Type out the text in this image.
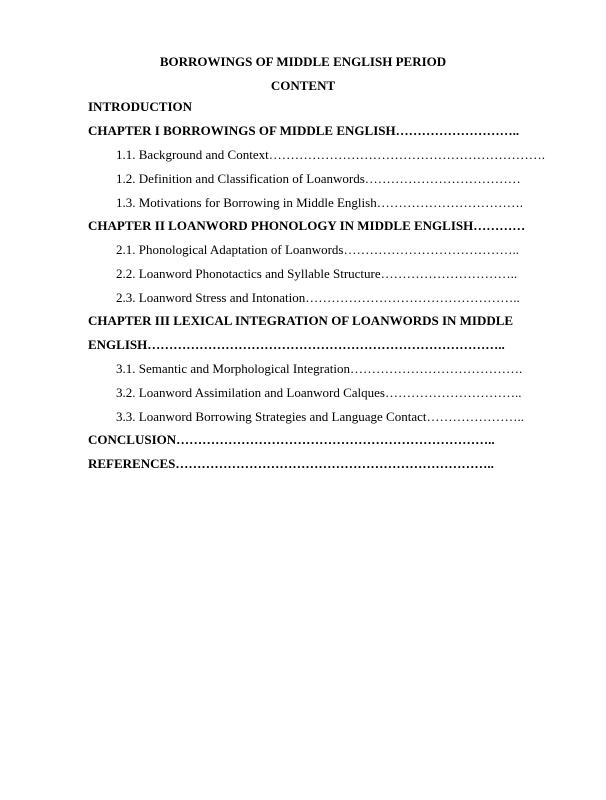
BORROWINGS OF MIDDLE ENGLISH PERIOD
CONTENT
INTRODUCTION
CHAPTER I BORROWINGS OF MIDDLE ENGLISH………………………..
1.1. Background and Context……………………………………………………….
1.2. Definition and Classification of Loanwords………………………………
1.3. Motivations for Borrowing in Middle English…………………………….
CHAPTER II LOANWORD PHONOLOGY IN MIDDLE ENGLISH…………
2.1. Phonological Adaptation of Loanwords…………………………………..
2.2. Loanword Phonotactics and Syllable Structure…………………………..
2.3. Loanword Stress and Intonation…………………………………………..
CHAPTER III LEXICAL INTEGRATION OF LOANWORDS IN MIDDLE
ENGLISH………………………………………………………………………..
3.1. Semantic and Morphological Integration………………………………….
3.2. Loanword Assimilation and Loanword Calques…………………………..
3.3. Loanword Borrowing Strategies and Language Contact…………………..
CONCLUSION………………………………………………………………..
REFERENCES………………………………………………………………..
